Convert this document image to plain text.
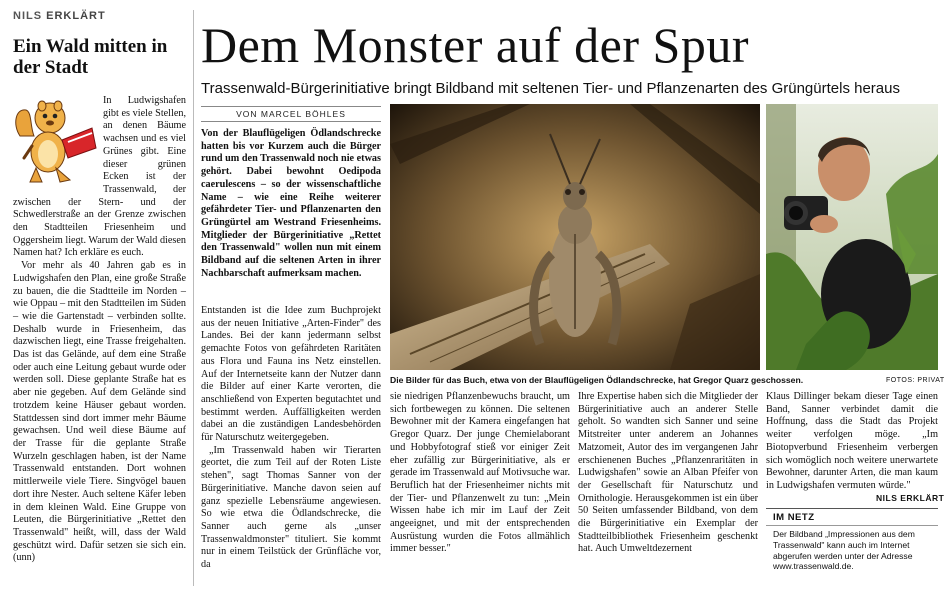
NILS ERKLÄRT
Ein Wald mitten in der Stadt

In Ludwigshafen gibt es viele Stellen, an denen Bäume wachsen und es viel Grünes gibt. Eine dieser grünen Ecken ist der Trassenwald, der zwischen der Stern- und der Schwedlerstraße an der Grenze zwischen den Stadtteilen Friesenheim und Oggersheim liegt. Warum der Wald diesen Namen hat? Ich erkläre es euch.

Vor mehr als 40 Jahren gab es in Ludwigshafen den Plan, eine große Straße zu bauen, die die Stadtteile im Norden – wie Oppau – mit den Stadtteilen im Süden – wie die Gartenstadt – verbinden sollte. Deshalb wurde in Friesenheim, das dazwischen liegt, eine Trasse freigehalten. Das ist das Gelände, auf dem eine Straße oder auch eine Leitung gebaut wurde oder werden soll. Diese geplante Straße hat es aber nie gegeben. Auf dem Gelände sind trotzdem keine Häuser gebaut worden. Stattdessen sind dort immer mehr Bäume gewachsen. Und weil diese Bäume auf der Trasse für die geplante Straße Wurzeln geschlagen haben, ist der Name Trassenwald entstanden. Dort wohnen mittlerweile viele Tiere. Singvögel bauen dort ihre Nester. Auch seltene Käfer leben in dem kleinen Wald. Eine Gruppe von Leuten, die Bürgerinitiative „Rettet den Trassenwald" heißt, will, dass der Wald geschützt wird. Dafür setzen sie sich ein. (unn)

Dem Monster auf der Spur
Trassenwald-Bürgerinitiative bringt Bildband mit seltenen Tier- und Pflanzenarten des Grüngürtels heraus
VON MARCEL BÖHLES
Von der Blauflügeligen Ödlandschrecke hatten bis vor Kurzem auch die Bürger rund um den Trassenwald noch nie etwas gehört. Dabei bewohnt Oedipoda caerulescens – so der wissenschaftliche Name – wie eine Reihe weiterer gefährdeter Tier- und Pflanzenarten den Grüngürtel am Westrand Friesenheims. Mitglieder der Bürgerinitiative „Rettet den Trassenwald" wollen nun mit einem Bildband auf die seltenen Arten in ihrer Nachbarschaft aufmerksam machen.

Entstanden ist die Idee zum Buchprojekt aus der neuen Initiative „Arten-Finder" des Landes. Bei der kann jedermann selbst gemachte Fotos von gefährdeten Raritäten aus Flora und Fauna ins Netz einstellen. Auf der Internetseite kann der Nutzer dann die Bilder auf einer Karte verorten, die anschließend von Experten begutachtet und bestimmt werden. Auffälligkeiten werden dabei an die zuständigen Landesbehörden für Naturschutz weitergegeben.

„Im Trassenwald haben wir Tierarten geortet, die zum Teil auf der Roten Liste stehen", sagt Thomas Sanner von der Bürgerinitiative. Manche davon seien auf ganz spezielle Lebensräume angewiesen. So wie etwa die Ödlandschrecke, die Sanner auch gerne als „unser Trassenwaldmonster" tituliert. Sie kommt nur in einem Teilstück der Grünfläche vor, da

Die Bilder für das Buch, etwa von der Blauflügeligen Ödlandschrecke, hat Gregor Quarz geschossen.	FOTOS: PRIVAT
sie niedrigen Pflanzenbewuchs braucht, um sich fortbewegen zu können. Die seltenen Bewohner mit der Kamera eingefangen hat Gregor Quarz. Der junge Chemielaborant und Hobbyfotograf stieß vor einiger Zeit eher zufällig zur Bürgerinitiative, als er gerade im Trassenwald auf Motivsuche war. Beruflich hat der Friesenheimer nichts mit der Tier- und Pflanzenwelt zu tun: „Mein Wissen habe ich mir im Lauf der Zeit angeeignet, und mit der entsprechenden Ausrüstung wurden die Fotos allmählich immer besser."
Ihre Expertise haben sich die Mitglieder der Bürgerinitiative auch an anderer Stelle geholt. So wandten sich Sanner und seine Mitstreiter unter anderem an Johannes Matzomeit, Autor des im vergangenen Jahr erschienenen Buches „Pflanzenraritäten in Ludwigshafen" sowie an Alban Pfeifer von der Gesellschaft für Naturschutz und Ornithologie. Herausgekommen ist ein über 50 Seiten umfassender Bildband, von dem die Bürgerinitiative ein Exemplar der Stadtteilbibliothek Friesenheim geschenkt hat. Auch Umweltdezernent
Klaus Dillinger bekam dieser Tage einen Band, Sanner verbindet damit die Hoffnung, dass die Stadt das Projekt weiter verfolgen möge. „Im Biotopverbund Friesenheim verbergen sich womöglich noch weitere unerwartete Bewohner, darunter Arten, die man kaum in Ludwigshafen vermuten würde."
NILS ERKLÄRT
IM NETZ
Der Bildband „Impressionen aus dem Trassenwald" kann auch im Internet abgerufen werden unter der Adresse www.trassenwald.de.
